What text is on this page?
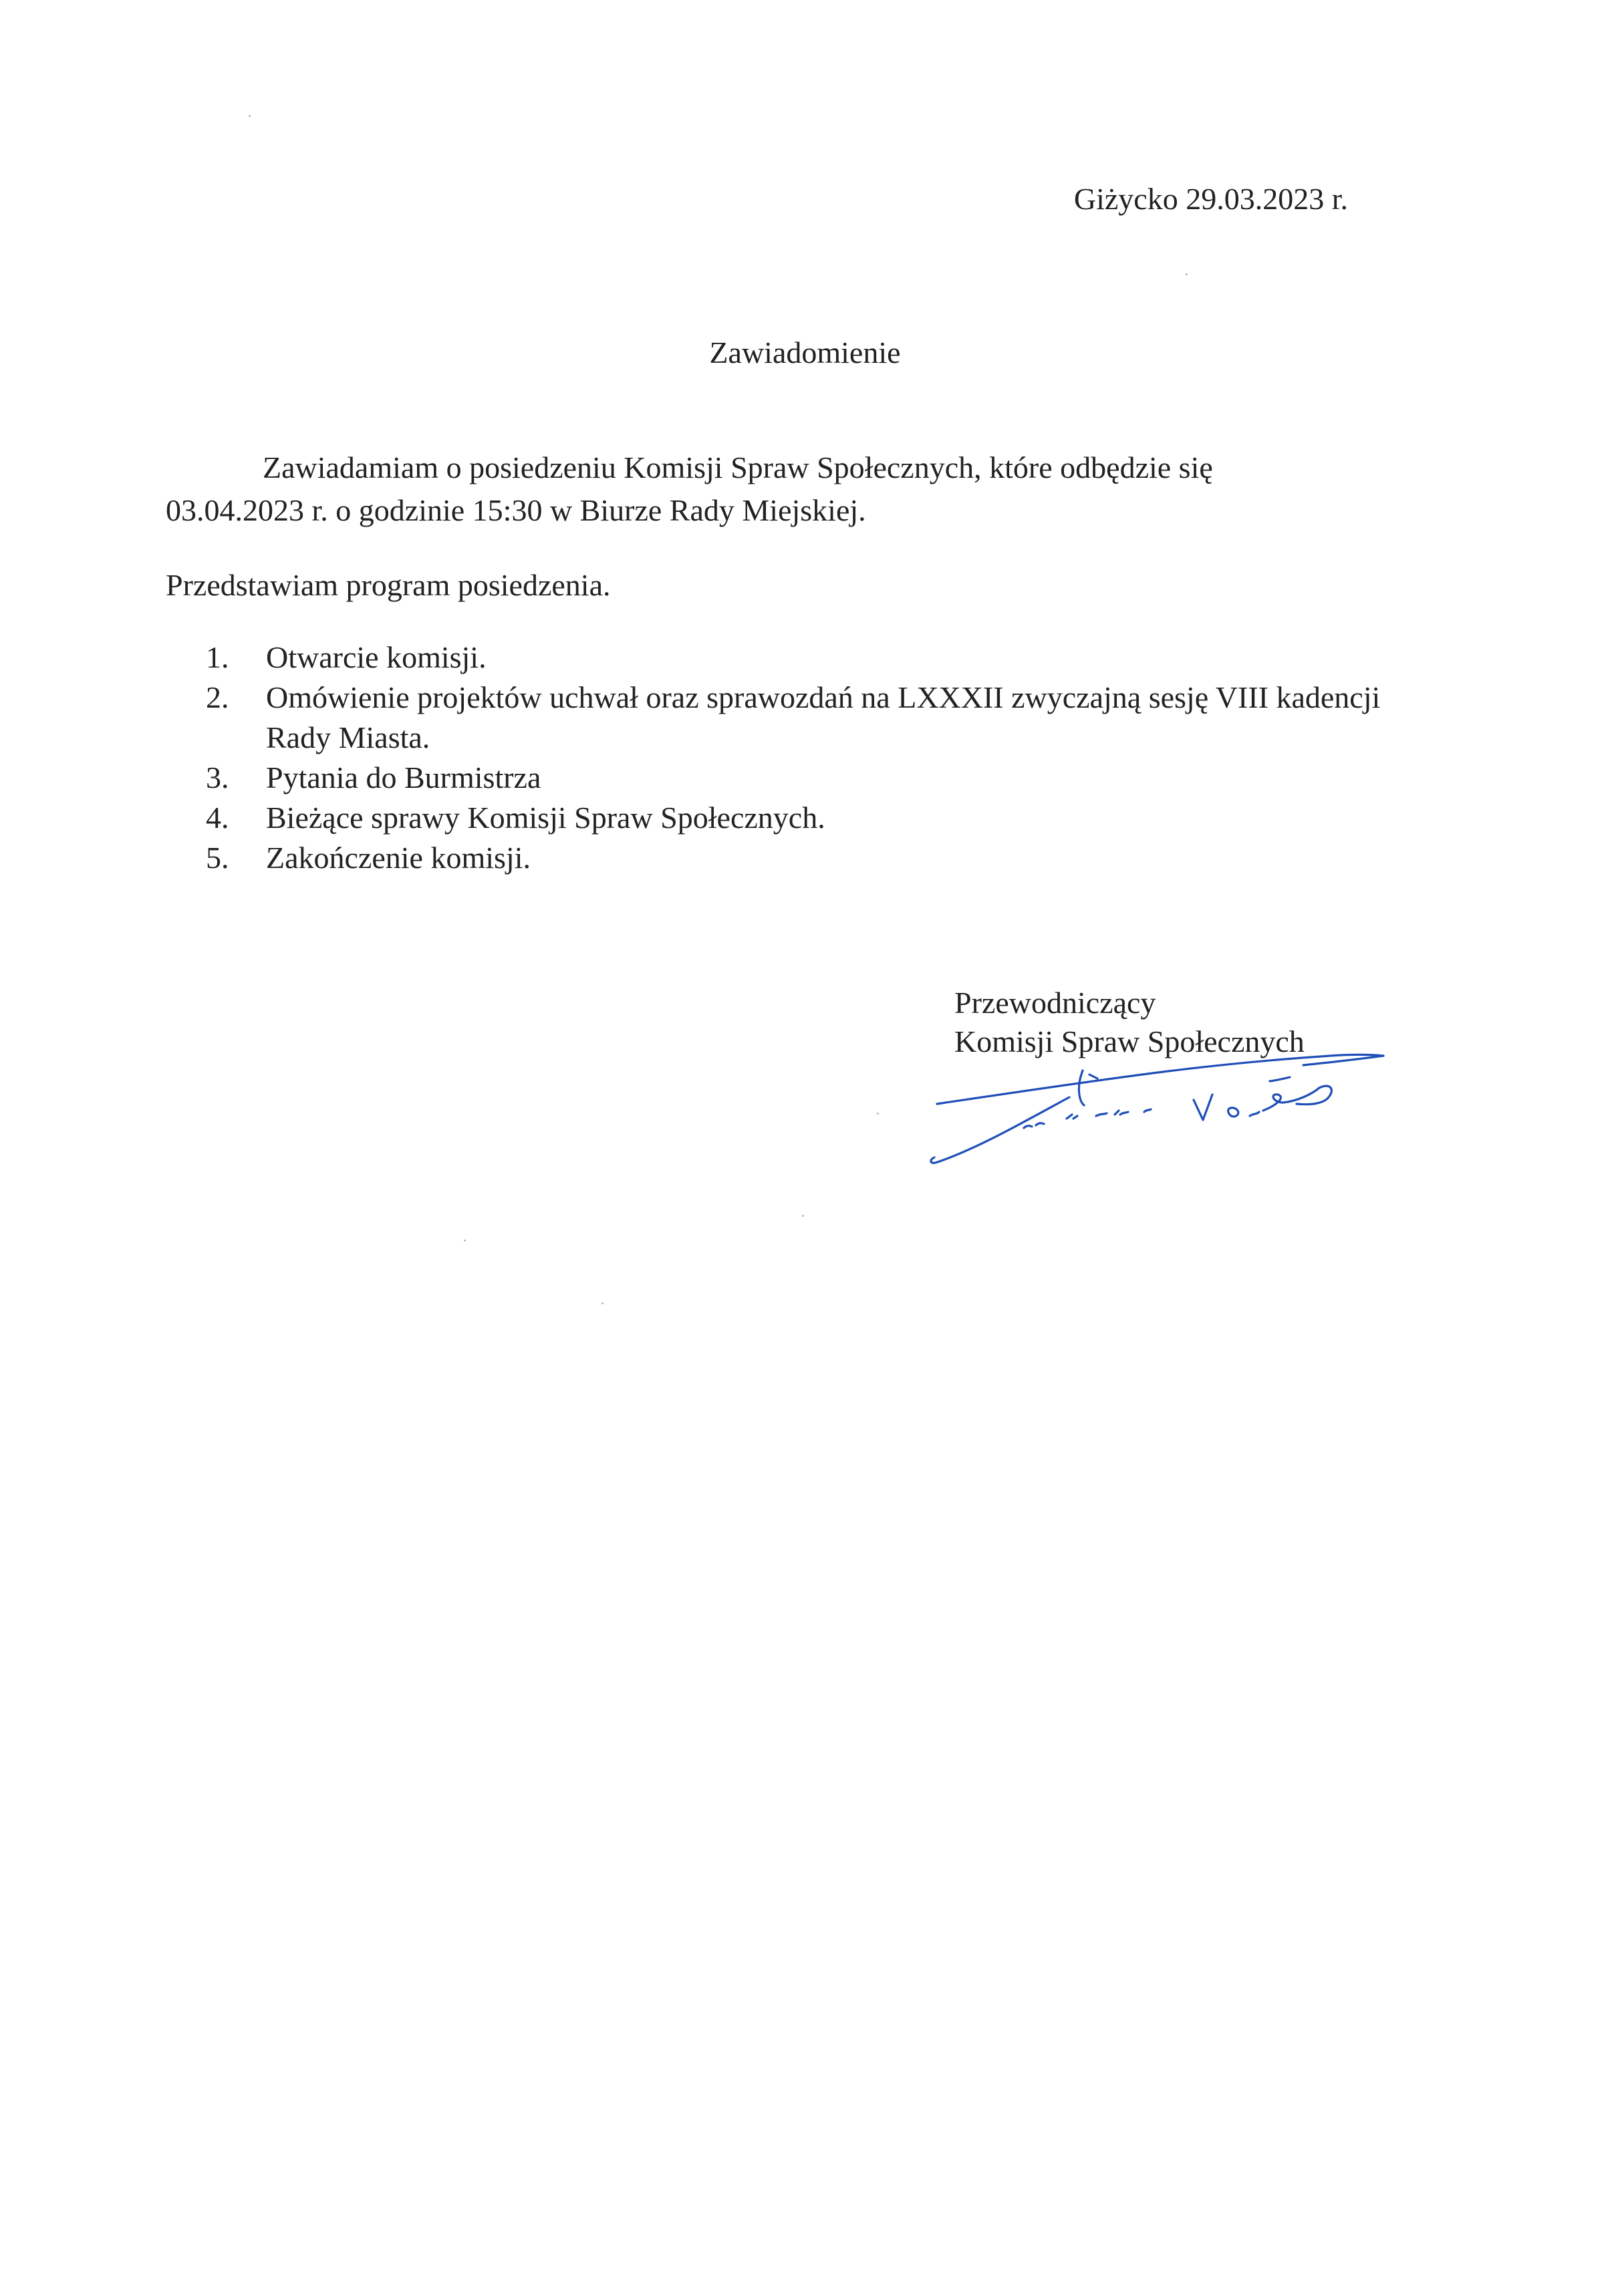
Giżycko 29.03.2023 r.
Zawiadomienie

Zawiadamiam o posiedzeniu Komisji Spraw Społecznych, które odbędzie się

03.04.2023 r. o godzinie 15:30 w Biurze Rady Miejskiej.

Przedstawiam program posiedzenia.

1.	Otwarcie komisji.
2.	Omówienie projektów uchwał oraz sprawozdań na LXXXII zwyczajną sesję VIII kadencji Rady Miasta.
3.	Pytania do Burmistrza
4.	Bieżące sprawy Komisji Spraw Społecznych.
5.	Zakończenie komisji.
Przewodniczący
Komisji Spraw Społecznych
